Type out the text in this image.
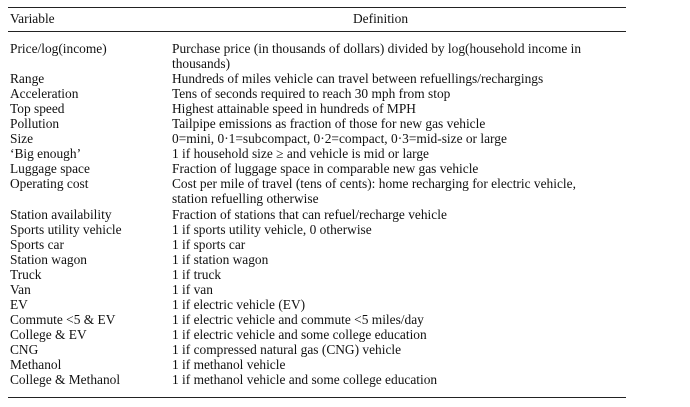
Variable	Definition
Price/log(income)	Purchase price (in thousands of dollars) divided by log(household income in
thousands)
Range	Hundreds of miles vehicle can travel between refuellings/rechargings
Acceleration	Tens of seconds required to reach 30 mph from stop
Top speed	Highest attainable speed in hundreds of MPH
Pollution	Tailpipe emissions as fraction of those for new gas vehicle
Size	0=mini, 0·1=subcompact, 0·2=compact, 0·3=mid-size or large
‘Big enough’	1 if household size ≥ and vehicle is mid or large
Luggage space	Fraction of luggage space in comparable new gas vehicle
Operating cost	Cost per mile of travel (tens of cents): home recharging for electric vehicle,
station refuelling otherwise
Station availability	Fraction of stations that can refuel/recharge vehicle
Sports utility vehicle	1 if sports utility vehicle, 0 otherwise
Sports car	1 if sports car
Station wagon	1 if station wagon
Truck	1 if truck
Van	1 if van
EV	1 if electric vehicle (EV)
Commute <5 & EV	1 if electric vehicle and commute <5 miles/day
College & EV	1 if electric vehicle and some college education
CNG	1 if compressed natural gas (CNG) vehicle
Methanol	1 if methanol vehicle
College & Methanol	1 if methanol vehicle and some college education
